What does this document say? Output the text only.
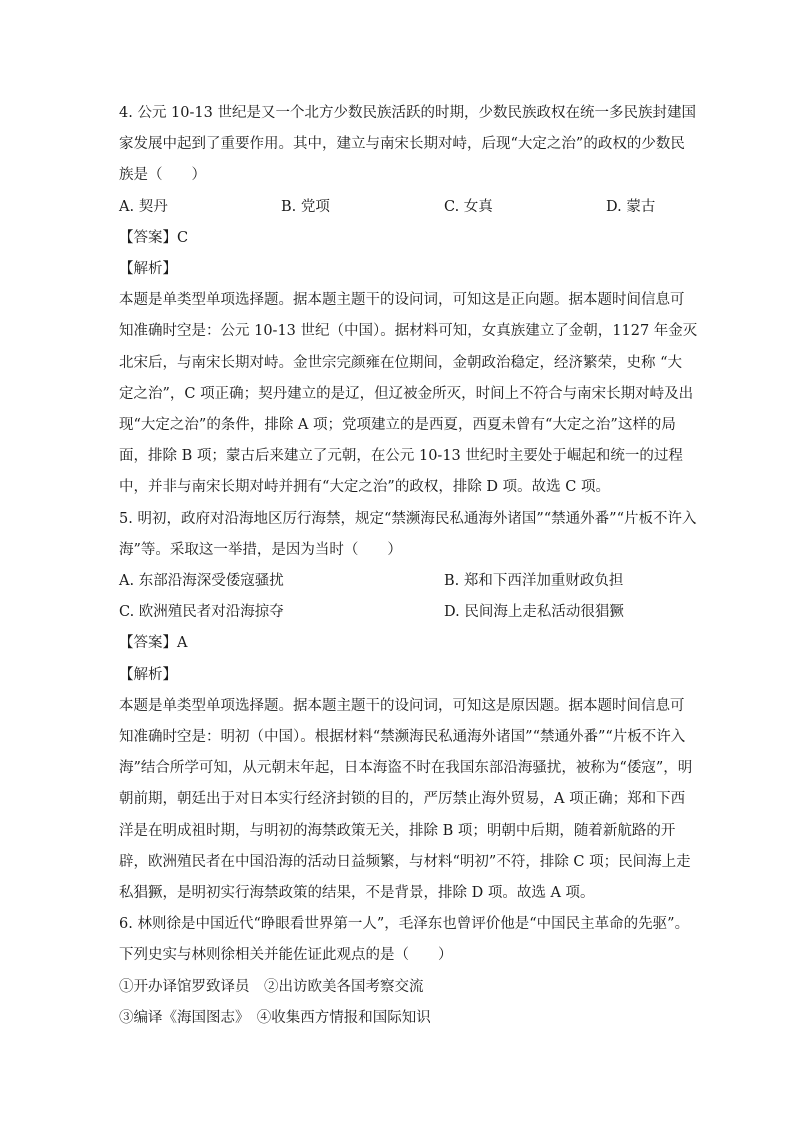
4. 公元 10-13 世纪是又一个北方少数民族活跃的时期，少数民族政权在统一多民族封建国
家发展中起到了重要作用。其中，建立与南宋长期对峙，后现“大定之治”的政权的少数民
族是（　　）
A. 契丹	B. 党项	C. 女真	D. 蒙古
【答案】C
【解析】
本题是单类型单项选择题。据本题主题干的设问词，可知这是正向题。据本题时间信息可
知准确时空是：公元 10-13 世纪（中国）。据材料可知，女真族建立了金朝，1127 年金灭
北宋后，与南宋长期对峙。金世宗完颜雍在位期间，金朝政治稳定，经济繁荣，史称 “大
定之治”，C 项正确；契丹建立的是辽，但辽被金所灭，时间上不符合与南宋长期对峙及出
现“大定之治”的条件，排除 A 项；党项建立的是西夏，西夏未曾有“大定之治”这样的局
面，排除 B 项；蒙古后来建立了元朝，在公元 10-13 世纪时主要处于崛起和统一的过程
中，并非与南宋长期对峙并拥有“大定之治”的政权，排除 D 项。故选 C 项。
5. 明初，政府对沿海地区厉行海禁，规定“禁濒海民私通海外诸国”“禁通外番”“片板不许入
海”等。采取这一举措，是因为当时（　　）
A. 东部沿海深受倭寇骚扰	B. 郑和下西洋加重财政负担
C. 欧洲殖民者对沿海掠夺	D. 民间海上走私活动很猖獗
【答案】A
【解析】
本题是单类型单项选择题。据本题主题干的设问词，可知这是原因题。据本题时间信息可
知准确时空是：明初（中国）。根据材料“禁濒海民私通海外诸国”“禁通外番”“片板不许入
海”结合所学可知，从元朝末年起，日本海盗不时在我国东部沿海骚扰，被称为“倭寇”，明
朝前期，朝廷出于对日本实行经济封锁的目的，严厉禁止海外贸易，A 项正确；郑和下西
洋是在明成祖时期，与明初的海禁政策无关，排除 B 项；明朝中后期，随着新航路的开
辟，欧洲殖民者在中国沿海的活动日益频繁，与材料“明初”不符，排除 C 项；民间海上走
私猖獗，是明初实行海禁政策的结果，不是背景，排除 D 项。故选 A 项。
6. 林则徐是中国近代“睁眼看世界第一人”，毛泽东也曾评价他是“中国民主革命的先驱”。
下列史实与林则徐相关并能佐证此观点的是（　　）
①开办译馆罗致译员　②出访欧美各国考察交流
③编译《海国图志》　④收集西方情报和国际知识
